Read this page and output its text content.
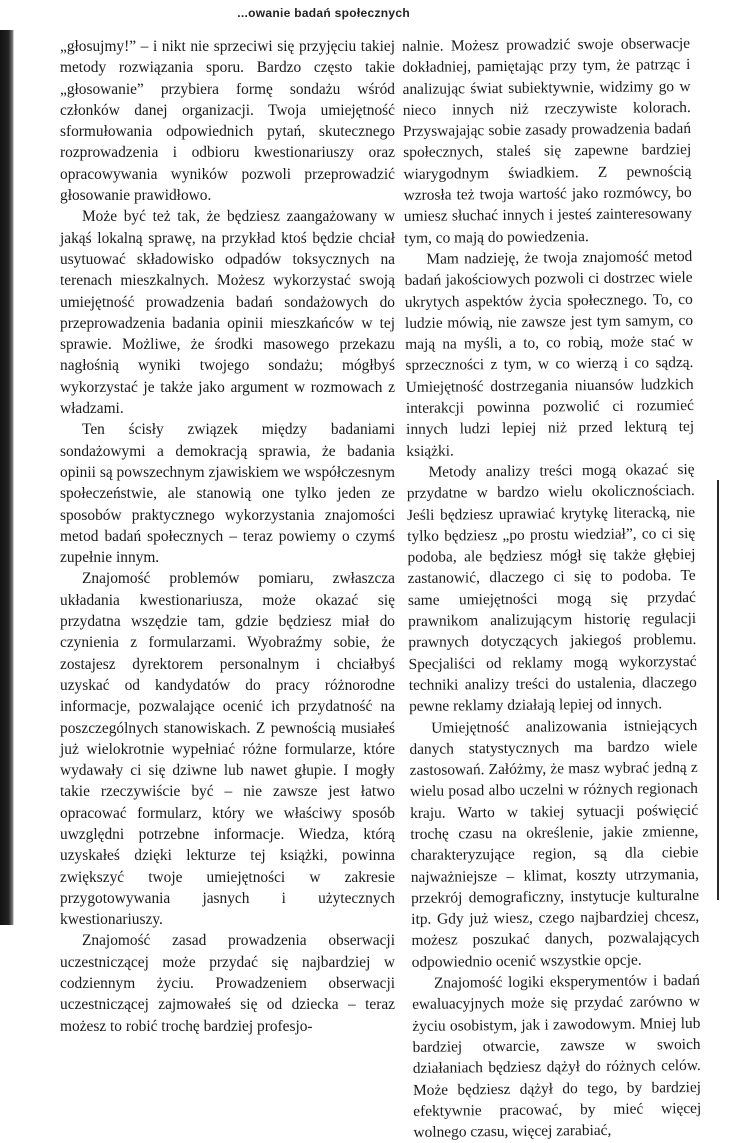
...owanie badań społecznych

„głosujmy!” – i nikt nie sprzeciwi się przyjęciu takiej metody rozwiązania sporu. Bardzo często takie „głosowanie” przybiera formę sondażu wśród członków danej organizacji. Twoja umiejętność sformułowania odpowiednich pytań, skutecznego rozprowadzenia i odbioru kwestionariuszy oraz opracowywania wyników pozwoli przeprowadzić głosowanie prawidłowo.

Może być też tak, że będziesz zaangażowany w jakąś lokalną sprawę, na przykład ktoś będzie chciał usytuować składowisko odpadów toksycznych na terenach mieszkalnych. Możesz wykorzystać swoją umiejętność prowadzenia badań sondażowych do przeprowadzenia badania opinii mieszkańców w tej sprawie. Możliwe, że środki masowego przekazu nagłośnią wyniki twojego sondażu; mógłbyś wykorzystać je także jako argument w rozmowach z władzami.

Ten ścisły związek między badaniami sondażowymi a demokracją sprawia, że badania opinii są powszechnym zjawiskiem we współczesnym społeczeństwie, ale stanowią one tylko jeden ze sposobów praktycznego wykorzystania znajomości metod badań społecznych – teraz powiemy o czymś zupełnie innym.

Znajomość problemów pomiaru, zwłaszcza układania kwestionariusza, może okazać się przydatna wszędzie tam, gdzie będziesz miał do czynienia z formularzami. Wyobraźmy sobie, że zostajesz dyrektorem personalnym i chciałbyś uzyskać od kandydatów do pracy różnorodne informacje, pozwalające ocenić ich przydatność na poszczególnych stanowiskach. Z pewnością musiałeś już wielokrotnie wypełniać różne formularze, które wydawały ci się dziwne lub nawet głupie. I mogły takie rzeczywiście być – nie zawsze jest łatwo opracować formularz, który we właściwy sposób uwzględni potrzebne informacje. Wiedza, którą uzyskałeś dzięki lekturze tej książki, powinna zwiększyć twoje umiejętności w zakresie przygotowywania jasnych i użytecznych kwestionariuszy.

Znajomość zasad prowadzenia obserwacji uczestniczącej może przydać się najbardziej w codziennym życiu. Prowadzeniem obserwacji uczestniczącej zajmowałeś się od dziecka – teraz możesz to robić trochę bardziej profesjo-

nalnie. Możesz prowadzić swoje obserwacje dokładniej, pamiętając przy tym, że patrząc i analizując świat subiektywnie, widzimy go w nieco innych niż rzeczywiste kolorach. Przyswajając sobie zasady prowadzenia badań społecznych, staleś się zapewne bardziej wiarygodnym świadkiem. Z pewnością wzrosła też twoja wartość jako rozmówcy, bo umiesz słuchać innych i jesteś zainteresowany tym, co mają do powiedzenia.

Mam nadzieję, że twoja znajomość metod badań jakościowych pozwoli ci dostrzec wiele ukrytych aspektów życia społecznego. To, co ludzie mówią, nie zawsze jest tym samym, co mają na myśli, a to, co robią, może stać w sprzeczności z tym, w co wierzą i co sądzą. Umiejętność dostrzegania niuansów ludzkich interakcji powinna pozwolić ci rozumieć innych ludzi lepiej niż przed lekturą tej książki.

Metody analizy treści mogą okazać się przydatne w bardzo wielu okolicznościach. Jeśli będziesz uprawiać krytykę literacką, nie tylko będziesz „po prostu wiedział”, co ci się podoba, ale będziesz mógł się także głębiej zastanowić, dlaczego ci się to podoba. Te same umiejętności mogą się przydać prawnikom analizującym historię regulacji prawnych dotyczących jakiegoś problemu. Specjaliści od reklamy mogą wykorzystać techniki analizy treści do ustalenia, dlaczego pewne reklamy działają lepiej od innych.

Umiejętność analizowania istniejących danych statystycznych ma bardzo wiele zastosowań. Załóżmy, że masz wybrać jedną z wielu posad albo uczelni w różnych regionach kraju. Warto w takiej sytuacji poświęcić trochę czasu na określenie, jakie zmienne, charakteryzujące region, są dla ciebie najważniejsze – klimat, koszty utrzymania, przekrój demograficzny, instytucje kulturalne itp. Gdy już wiesz, czego najbardziej chcesz, możesz poszukać danych, pozwalających odpowiednio ocenić wszystkie opcje.

Znajomość logiki eksperymentów i badań ewaluacyjnych może się przydać zarówno w życiu osobistym, jak i zawodowym. Mniej lub bardziej otwarcie, zawsze w swoich działaniach będziesz dążył do różnych celów. Może będziesz dążył do tego, by bardziej efektywnie pracować, by mieć więcej wolnego czasu, więcej zarabiać,
